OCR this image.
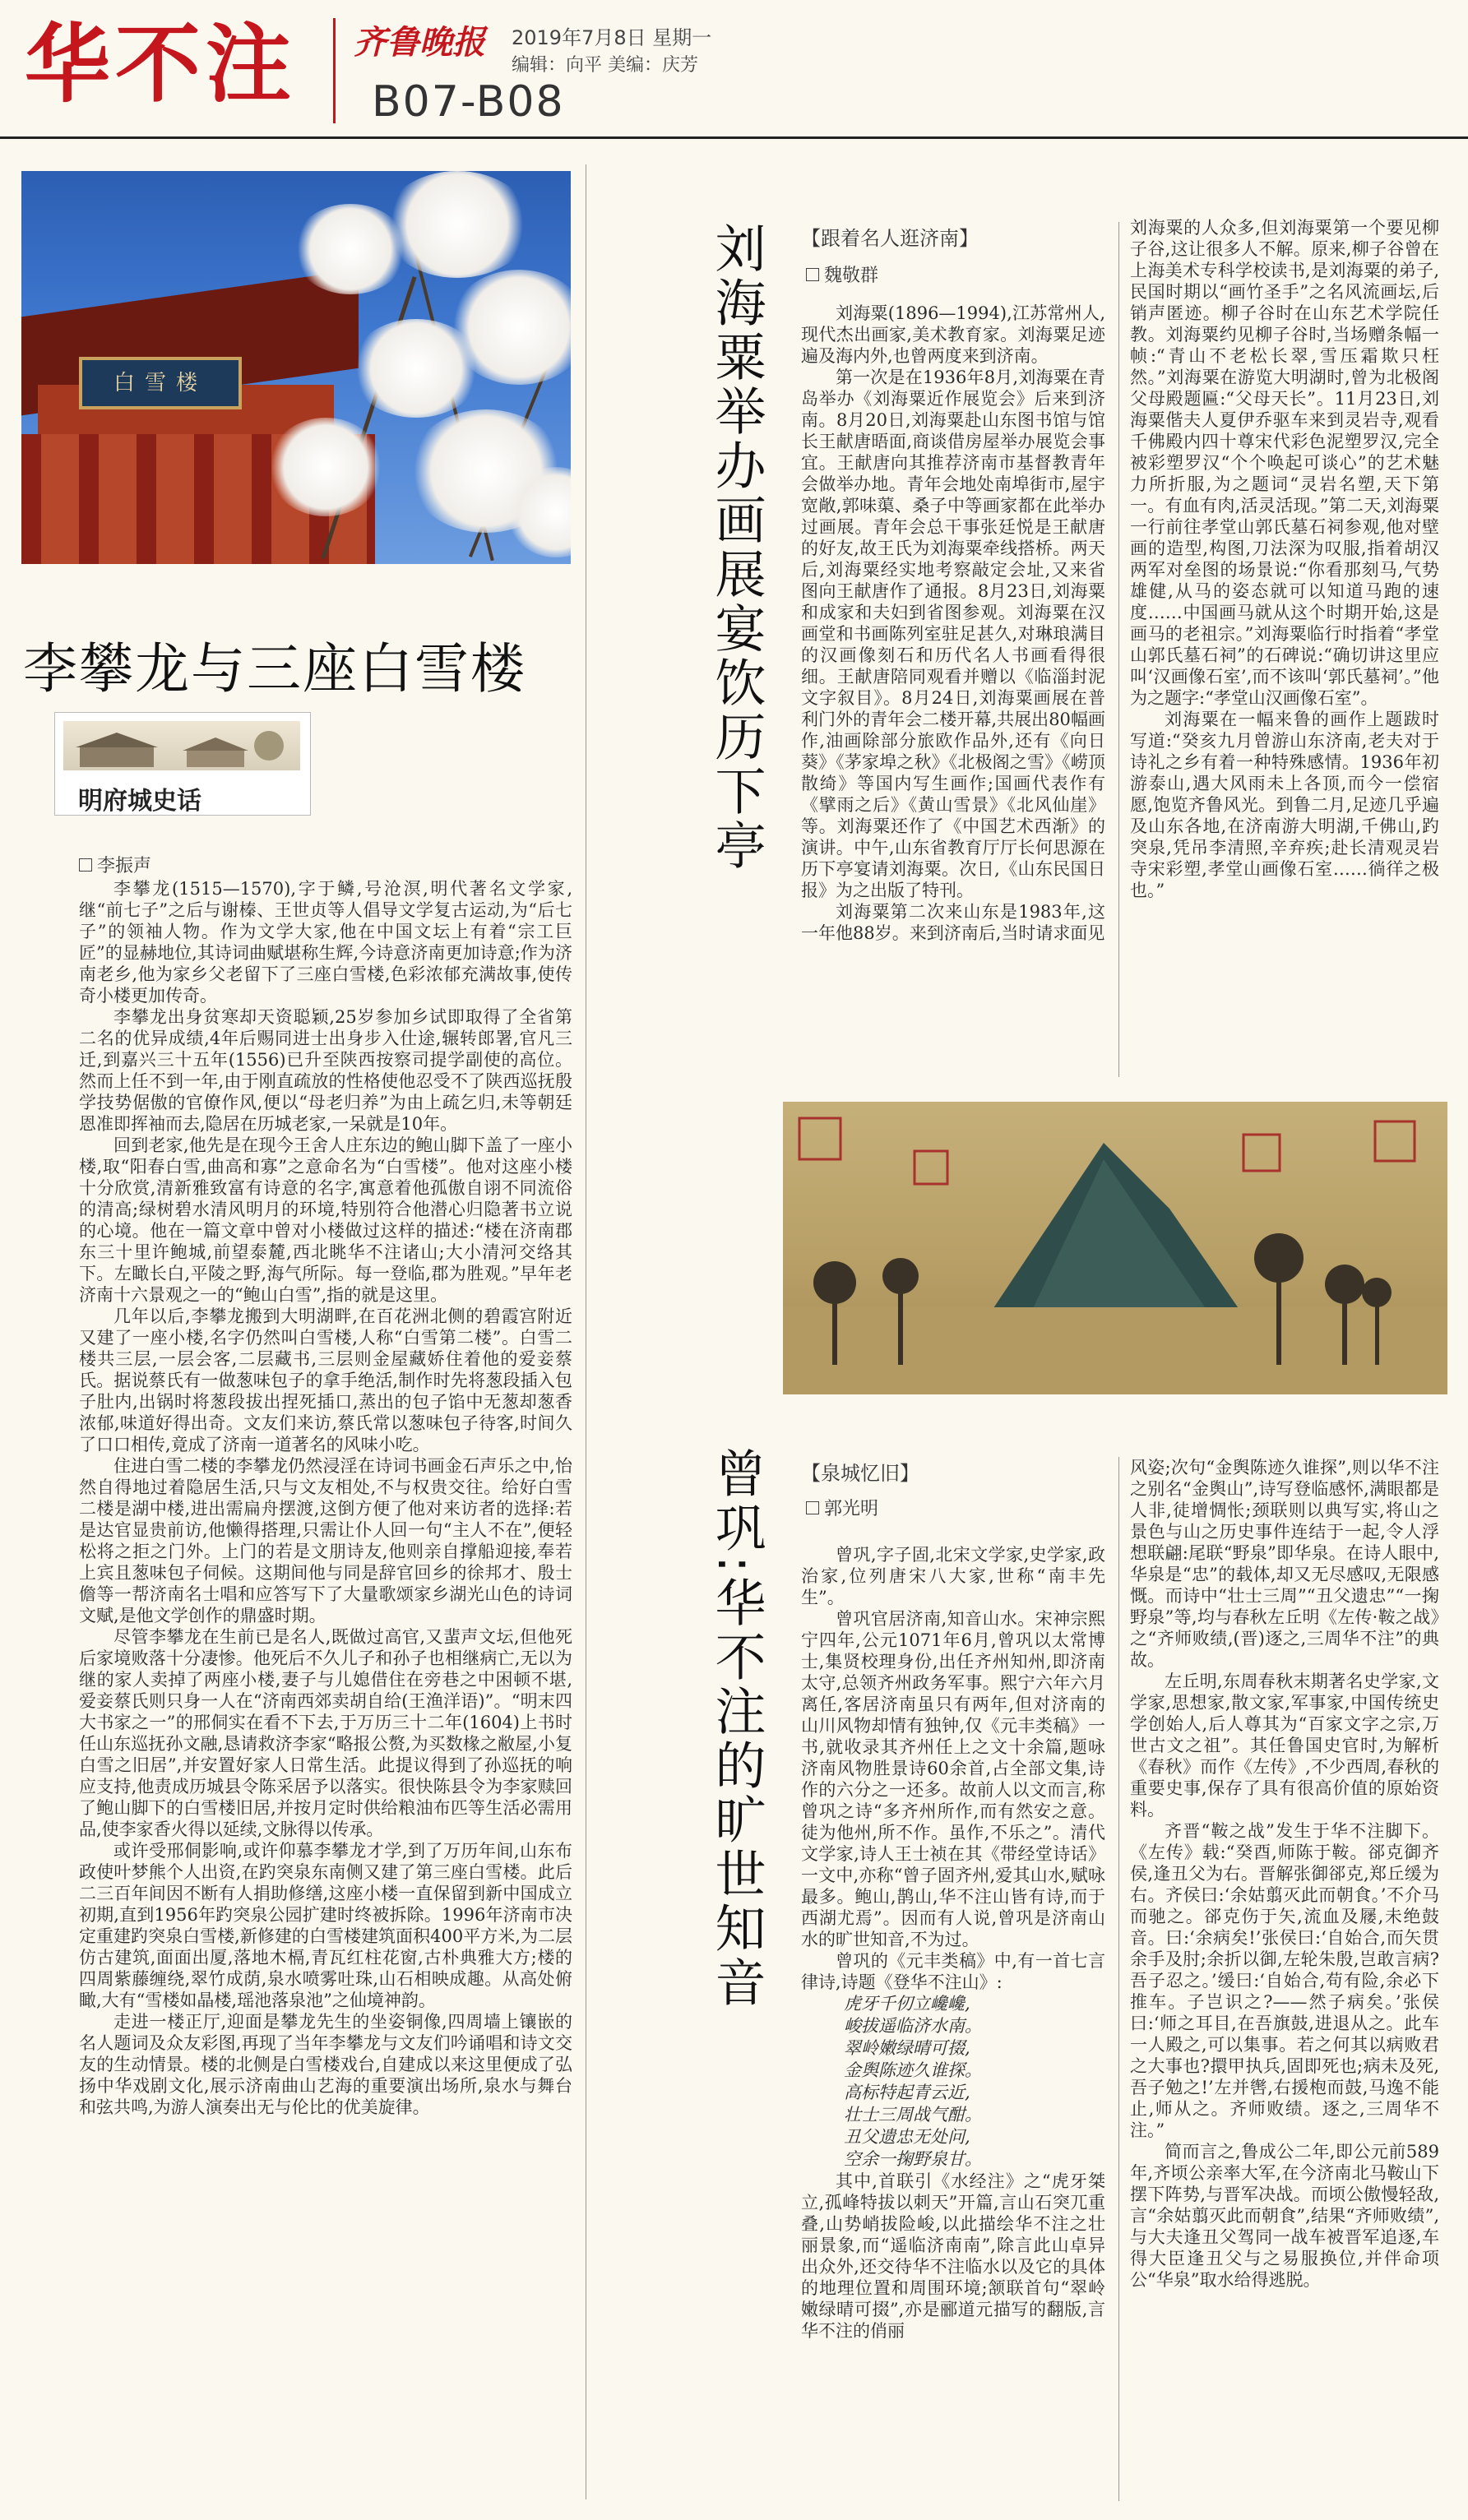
华不注 齐鲁晚报 2019年7月8日 星期一
编辑：向平 美编：庆芳
B07-B08
白雪楼
李攀龙与三座白雪楼
明府城史话
李振声

李攀龙(1515—1570),字于鳞,号沧溟,明代著名文学家,继“前七子”之后与谢榛、王世贞等人倡导文学复古运动,为“后七子”的领袖人物。作为文学大家,他在中国文坛上有着“宗工巨匠”的显赫地位,其诗词曲赋堪称生辉,今诗意济南更加诗意;作为济南老乡,他为家乡父老留下了三座白雪楼,色彩浓郁充满故事,使传奇小楼更加传奇。

李攀龙出身贫寒却天资聪颖,25岁参加乡试即取得了全省第二名的优异成绩,4年后赐同进士出身步入仕途,辗转郎署,官凡三迁,到嘉兴三十五年(1556)已升至陕西按察司提学副使的高位。然而上任不到一年,由于刚直疏放的性格使他忍受不了陕西巡抚殷学技势倨傲的官僚作风,便以“母老归养”为由上疏乞归,未等朝廷恩准即挥袖而去,隐居在历城老家,一呆就是10年。

回到老家,他先是在现今王舍人庄东边的鲍山脚下盖了一座小楼,取“阳春白雪,曲高和寡”之意命名为“白雪楼”。他对这座小楼十分欣赏,清新雅致富有诗意的名字,寓意着他孤傲自诩不同流俗的清高;绿树碧水清风明月的环境,特别符合他潜心归隐著书立说的心境。他在一篇文章中曾对小楼做过这样的描述:“楼在济南郡东三十里许鲍城,前望泰麓,西北眺华不注诸山;大小清河交络其下。左瞰长白,平陵之野,海气所际。每一登临,郡为胜观。”早年老济南十六景观之一的“鲍山白雪”,指的就是这里。

几年以后,李攀龙搬到大明湖畔,在百花洲北侧的碧霞宫附近又建了一座小楼,名字仍然叫白雪楼,人称“白雪第二楼”。白雪二楼共三层,一层会客,二层藏书,三层则金屋藏娇住着他的爱妾蔡氏。据说蔡氏有一做葱味包子的拿手绝活,制作时先将葱段插入包子肚内,出锅时将葱段拔出捏死插口,蒸出的包子馅中无葱却葱香浓郁,味道好得出奇。文友们来访,蔡氏常以葱味包子待客,时间久了口口相传,竟成了济南一道著名的风味小吃。

住进白雪二楼的李攀龙仍然浸淫在诗词书画金石声乐之中,怡然自得地过着隐居生活,只与文友相处,不与权贵交往。给好白雪二楼是湖中楼,进出需扁舟摆渡,这倒方便了他对来访者的选择:若是达官显贵前访,他懒得搭理,只需让仆人回一句“主人不在”,便轻松将之拒之门外。上门的若是文朋诗友,他则亲自撑船迎接,奉若上宾且葱味包子伺候。这期间他与同是辞官回乡的徐邦才、殷士儋等一帮济南名士唱和应答写下了大量歌颂家乡湖光山色的诗词文赋,是他文学创作的鼎盛时期。

尽管李攀龙在生前已是名人,既做过高官,又蜚声文坛,但他死后家境败落十分凄惨。他死后不久儿子和孙子也相继病亡,无以为继的家人卖掉了两座小楼,妻子与儿媳借住在旁巷之中困顿不堪,爱妾蔡氏则只身一人在“济南西郊卖胡自给(王渔洋语)”。“明末四大书家之一”的邢侗实在看不下去,于万历三十二年(1604)上书时任山东巡抚孙文融,恳请救济李家“略报公赘,为买数椽之敝屋,小复白雪之旧居”,并安置好家人日常生活。此提议得到了孙巡抚的响应支持,他责成历城县令陈采居予以落实。很快陈县令为李家赎回了鲍山脚下的白雪楼旧居,并按月定时供给粮油布匹等生活必需用品,使李家香火得以延续,文脉得以传承。

或许受邢侗影响,或许仰慕李攀龙才学,到了万历年间,山东布政使叶梦熊个人出资,在趵突泉东南侧又建了第三座白雪楼。此后二三百年间因不断有人捐助修缮,这座小楼一直保留到新中国成立初期,直到1956年趵突泉公园扩建时终被拆除。1996年济南市决定重建趵突泉白雪楼,新修建的白雪楼建筑面积400平方米,为二层仿古建筑,面面出厦,落地木槅,青瓦红柱花窗,古朴典雅大方;楼的四周紫藤缠绕,翠竹成荫,泉水喷雾吐珠,山石相映成趣。从高处俯瞰,大有“雪楼如晶楼,瑶池落泉池”之仙境神韵。

走进一楼正厅,迎面是攀龙先生的坐姿铜像,四周墙上镶嵌的名人题词及众友彩图,再现了当年李攀龙与文友们吟诵唱和诗文交友的生动情景。楼的北侧是白雪楼戏台,自建成以来这里便成了弘扬中华戏剧文化,展示济南曲山艺海的重要演出场所,泉水与舞台和弦共鸣,为游人演奏出无与伦比的优美旋律。

刘海粟举办画展宴饮历下亭 【跟着名人逛济南】
魏敬群

刘海粟(1896—1994),江苏常州人,现代杰出画家,美术教育家。刘海粟足迹遍及海内外,也曾两度来到济南。

第一次是在1936年8月,刘海粟在青岛举办《刘海粟近作展览会》后来到济南。8月20日,刘海粟赴山东图书馆与馆长王献唐晤面,商谈借房屋举办展览会事宜。王献唐向其推荐济南市基督教青年会做举办地。青年会地处南埠街市,屋宇宽敞,郭味蕖、桑子中等画家都在此举办过画展。青年会总干事张廷悦是王献唐的好友,故王氏为刘海粟牵线搭桥。两天后,刘海粟经实地考察敲定会址,又来省图向王献唐作了通报。8月23日,刘海粟和成家和夫妇到省图参观。刘海粟在汉画堂和书画陈列室驻足甚久,对琳琅满目的汉画像刻石和历代名人书画看得很细。王献唐陪同观看并赠以《临淄封泥文字叙目》。8月24日,刘海粟画展在普利门外的青年会二楼开幕,共展出80幅画作,油画除部分旅欧作品外,还有《向日葵》《茅家埠之秋》《北极阁之雪》《崂顶散绮》等国内写生画作;国画代表作有《擘雨之后》《黄山雪景》《北风仙崖》等。刘海粟还作了《中国艺术西渐》的演讲。中午,山东省教育厅厅长何思源在历下亭宴请刘海粟。次日,《山东民国日报》为之出版了特刊。

刘海粟第二次来山东是1983年,这一年他88岁。来到济南后,当时请求面见

刘海粟的人众多,但刘海粟第一个要见柳子谷,这让很多人不解。原来,柳子谷曾在上海美术专科学校读书,是刘海粟的弟子,民国时期以“画竹圣手”之名风流画坛,后销声匿迹。柳子谷时在山东艺术学院任教。刘海粟约见柳子谷时,当场赠条幅一帧:“青山不老松长翠,雪压霜欺只枉然。”刘海粟在游览大明湖时,曾为北极阁父母殿题匾:“父母天长”。11月23日,刘海粟偕夫人夏伊乔驱车来到灵岩寺,观看千佛殿内四十尊宋代彩色泥塑罗汉,完全被彩塑罗汉“个个唤起可谈心”的艺术魅力所折服,为之题词“灵岩名塑,天下第一。有血有肉,活灵活现。”第二天,刘海粟一行前往孝堂山郭氏墓石祠参观,他对壁画的造型,构图,刀法深为叹服,指着胡汉两军对垒图的场景说:“你看那刻马,气势雄健,从马的姿态就可以知道马跑的速度……中国画马就从这个时期开始,这是画马的老祖宗。”刘海粟临行时指着“孝堂山郭氏墓石祠”的石碑说:“确切讲这里应叫‘汉画像石室’,而不该叫‘郭氏墓祠’。”他为之题字:“孝堂山汉画像石室”。

刘海粟在一幅来鲁的画作上题跋时写道:“癸亥九月曾游山东济南,老夫对于诗礼之乡有着一种特殊感情。1936年初游泰山,遇大风雨未上各顶,而今一偿宿愿,饱览齐鲁风光。到鲁二月,足迹几乎遍及山东各地,在济南游大明湖,千佛山,趵突泉,凭吊李清照,辛弃疾;赴长清观灵岩寺宋彩塑,孝堂山画像石室……徜徉之极也。”

曾巩:华不注的旷世知音 【泉城忆旧】
郭光明

曾巩,字子固,北宋文学家,史学家,政治家,位列唐宋八大家,世称“南丰先生”。

曾巩官居济南,知音山水。宋神宗熙宁四年,公元1071年6月,曾巩以太常博士,集贤校理身份,出任齐州知州,即济南太守,总领齐州政务军事。熙宁六年六月离任,客居济南虽只有两年,但对济南的山川风物却情有独钟,仅《元丰类稿》一书,就收录其齐州任上之文十余篇,题咏济南风物胜景诗60余首,占全部文集,诗作的六分之一还多。故前人以文而言,称曾巩之诗“多齐州所作,而有然安之意。徒为他州,所不作。虽作,不乐之”。清代文学家,诗人王士祯在其《带经堂诗话》一文中,亦称“曾子固齐州,爱其山水,赋咏最多。鲍山,鹊山,华不注山皆有诗,而于西湖尤焉”。因而有人说,曾巩是济南山水的旷世知音,不为过。

曾巩的《元丰类稿》中,有一首七言律诗,诗题《登华不注山》:

虎牙千仞立巉巉,
峻拔遥临济水南。
翠岭嫩绿晴可掇,
金舆陈迹久谁探。
高标特起青云近,
壮士三周战气酣。
丑父遗忠无处问,
空余一掬野泉甘。

其中,首联引《水经注》之“虎牙桀立,孤峰特拔以刺天”开篇,言山石突兀重叠,山势峭拔险峻,以此描绘华不注之壮丽景象,而“遥临济南南”,除言此山卓异出众外,还交待华不注临水以及它的具体的地理位置和周围环境;颔联首句“翠岭嫩绿晴可掇”,亦是郦道元描写的翻版,言华不注的俏丽

风姿;次句“金舆陈迹久谁探”,则以华不注之别名“金舆山”,诗写登临感怀,满眼都是人非,徒增惆怅;颈联则以典写实,将山之景色与山之历史事件连结于一起,令人浮想联翩:尾联“野泉”即华泉。在诗人眼中,华泉是“忠”的载体,却又无尽感叹,无限感慨。而诗中“壮士三周”“丑父遗忠”“一掬野泉”等,均与春秋左丘明《左传·鞍之战》之“齐师败绩,(晋)逐之,三周华不注”的典故。

左丘明,东周春秋末期著名史学家,文学家,思想家,散文家,军事家,中国传统史学创始人,后人尊其为“百家文字之宗,万世古文之祖”。其任鲁国史官时,为解析《春秋》而作《左传》,不少西周,春秋的重要史事,保存了具有很高价值的原始资料。

齐晋“鞍之战”发生于华不注脚下。《左传》载:“癸酉,师陈于鞍。郤克御齐侯,逢丑父为右。晋解张御郤克,郑丘缓为右。齐侯曰:‘余姑翦灭此而朝食。’不介马而驰之。郤克伤于矢,流血及屦,未绝鼓音。曰:‘余病矣!’张侯曰:‘自始合,而矢贯余手及肘;余折以御,左轮朱殷,岂敢言病?吾子忍之。’缓曰:‘自始合,苟有险,余必下推车。子岂识之?——然子病矣。’张侯曰:‘师之耳目,在吾旗鼓,进退从之。此车一人殿之,可以集事。若之何其以病败君之大事也?擐甲执兵,固即死也;病未及死,吾子勉之!’左并辔,右援枹而鼓,马逸不能止,师从之。齐师败绩。逐之,三周华不注。”

简而言之,鲁成公二年,即公元前589年,齐顷公亲率大军,在今济南北马鞍山下摆下阵势,与晋军决战。而顷公傲慢轻敌,言“余姑翦灭此而朝食”,结果“齐师败绩”,与大夫逢丑父驾同一战车被晋军追逐,车得大臣逢丑父与之易服换位,并伴命项公“华泉”取水给得逃脱。
